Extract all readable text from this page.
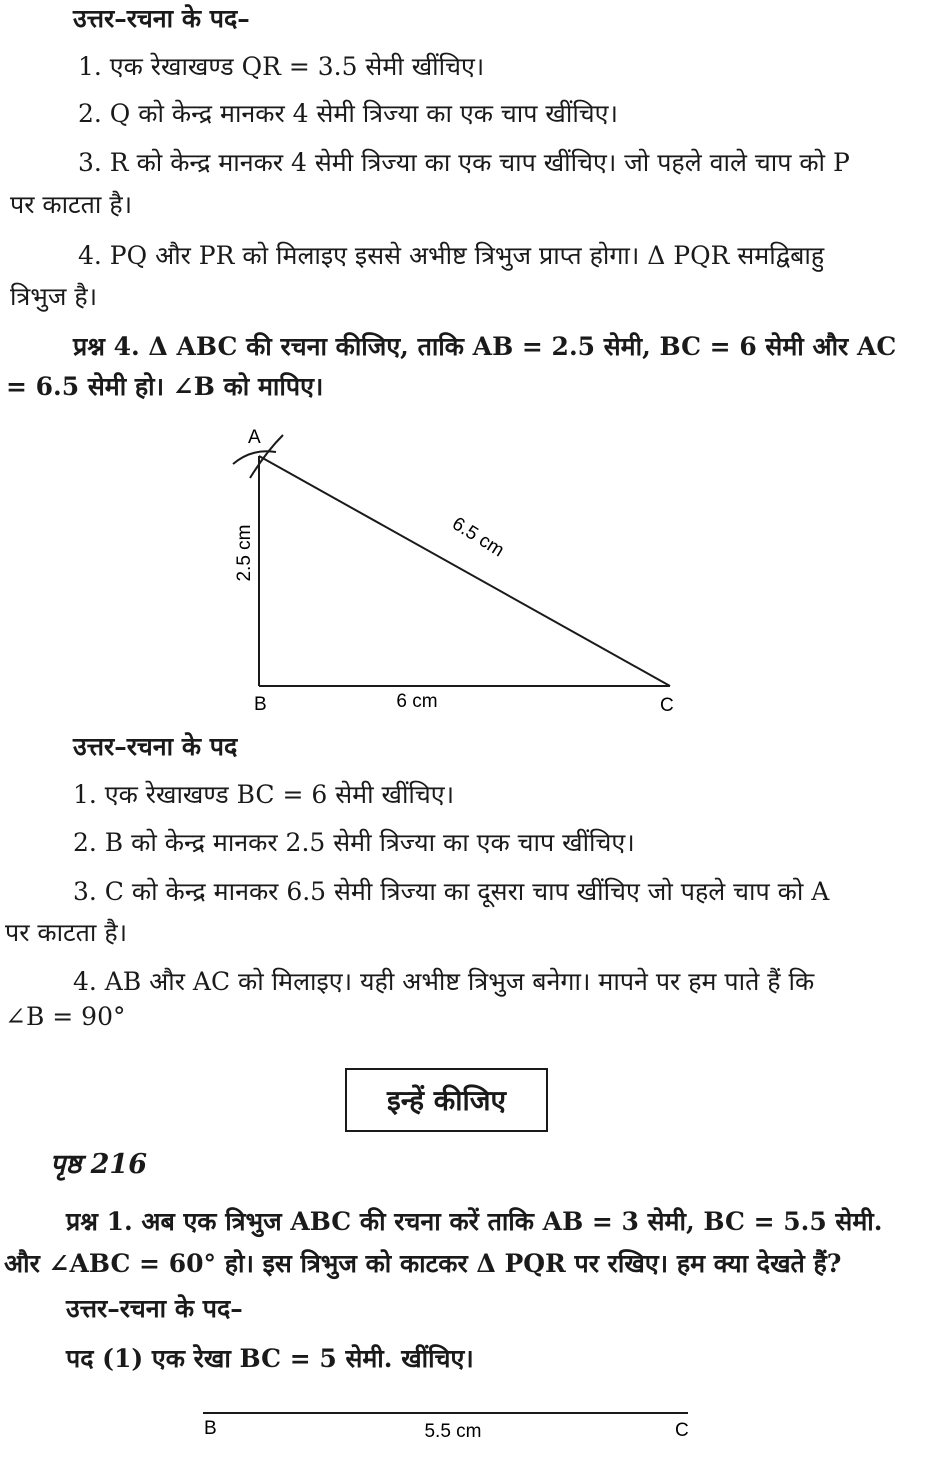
उत्तर–रचना के पद–
1. एक रेखाखण्ड QR = 3.5 सेमी खींचिए।
2. Q को केन्द्र मानकर 4 सेमी त्रिज्या का एक चाप खींचिए।
3. R को केन्द्र मानकर 4 सेमी त्रिज्या का एक चाप खींचिए। जो पहले वाले चाप को P
पर काटता है।
4. PQ और PR को मिलाइए इससे अभीष्ट त्रिभुज प्राप्त होगा। Δ PQR समद्विबाहु
त्रिभुज है।
प्रश्न 4. Δ ABC की रचना कीजिए, ताकि AB = 2.5 सेमी, BC = 6 सेमी और AC
= 6.5 सेमी हो। ∠B को मापिए।
A
B	C
6 cm
2.5 cm	6.5 cm
B	C
5.5 cm
उत्तर–रचना के पद
1. एक रेखाखण्ड BC = 6 सेमी खींचिए।
2. B को केन्द्र मानकर 2.5 सेमी त्रिज्या का एक चाप खींचिए।
3. C को केन्द्र मानकर 6.5 सेमी त्रिज्या का दूसरा चाप खींचिए जो पहले चाप को A
पर काटता है।
4. AB और AC को मिलाइए। यही अभीष्ट त्रिभुज बनेगा। मापने पर हम पाते हैं कि
∠B = 90°
इन्हें कीजिए
पृष्ठ 216
प्रश्न 1. अब एक त्रिभुज ABC की रचना करें ताकि AB = 3 सेमी, BC = 5.5 सेमी.
और ∠ABC = 60° हो। इस त्रिभुज को काटकर Δ PQR पर रखिए। हम क्या देखते हैं?
उत्तर–रचना के पद–
पद (1) एक रेखा BC = 5 सेमी. खींचिए।
